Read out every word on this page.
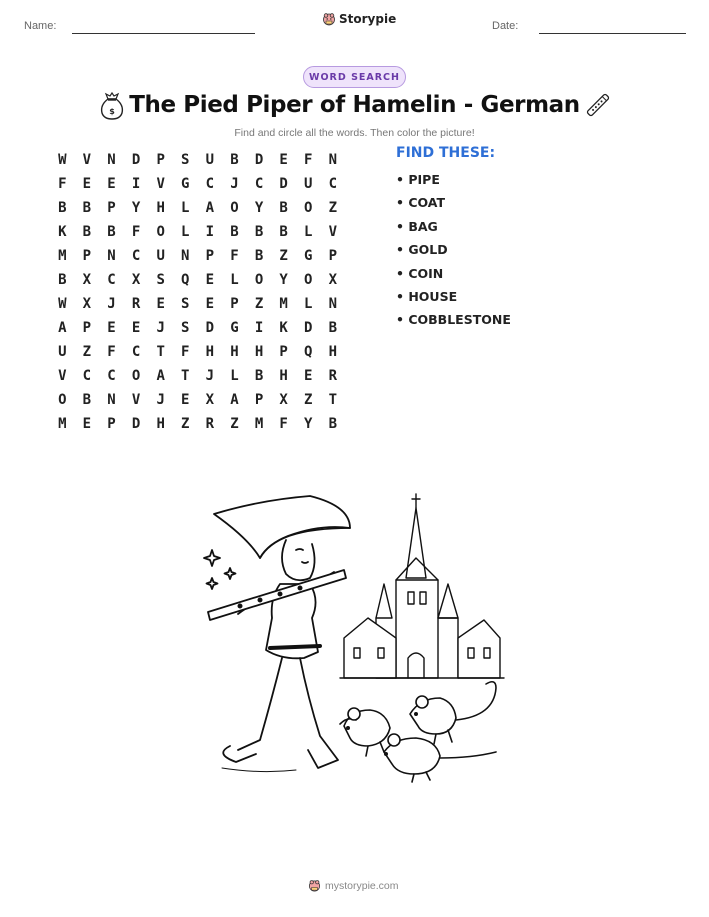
Name:	Storypie	Date:
WORD SEARCH
$ The Pied Piper of Hamelin - German
Find and circle all the words. Then color the picture!
W	V	N	D	P	S	U	B	D	E	F	N
F	E	E	I	V	G	C	J	C	D	U	C
B	B	P	Y	H	L	A	O	Y	B	O	Z
K	B	B	F	O	L	I	B	B	B	L	V
M	P	N	C	U	N	P	F	B	Z	G	P
B	X	C	X	S	Q	E	L	O	Y	O	X
W	X	J	R	E	S	E	P	Z	M	L	N
A	P	E	E	J	S	D	G	I	K	D	B
U	Z	F	C	T	F	H	H	H	P	Q	H
V	C	C	O	A	T	J	L	B	H	E	R
O	B	N	V	J	E	X	A	P	X	Z	T
M	E	P	D	H	Z	R	Z	M	F	Y	B
FIND THESE:
• PIPE
• COAT
• BAG
• GOLD
• COIN
• HOUSE
• COBBLESTONE
mystorypie.com
